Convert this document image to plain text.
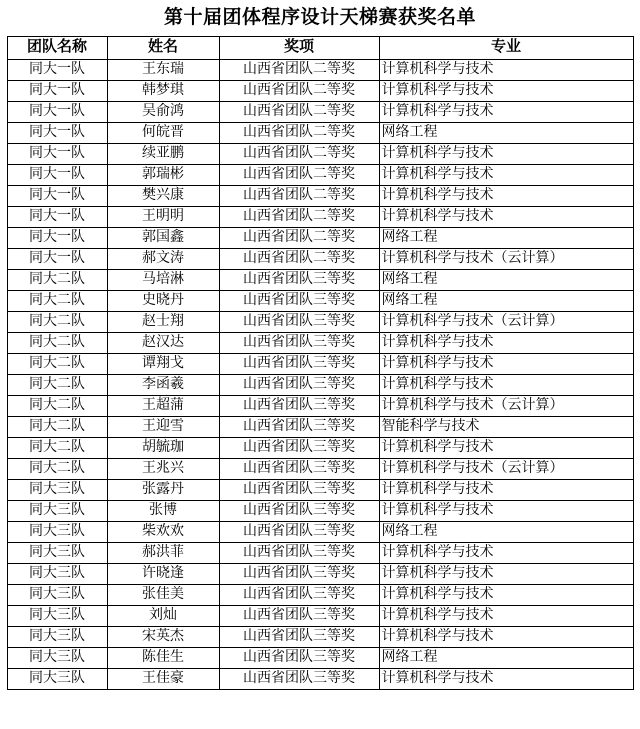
第十届团体程序设计天梯赛获奖名单
团队名称	姓名	奖项	专业
同大一队	王东瑞	山西省团队二等奖	计算机科学与技术
同大一队	韩梦琪	山西省团队二等奖	计算机科学与技术
同大一队	吴俞鸿	山西省团队二等奖	计算机科学与技术
同大一队	何皖晋	山西省团队二等奖	网络工程
同大一队	续亚鹏	山西省团队二等奖	计算机科学与技术
同大一队	郭瑞彬	山西省团队二等奖	计算机科学与技术
同大一队	樊兴康	山西省团队二等奖	计算机科学与技术
同大一队	王明明	山西省团队二等奖	计算机科学与技术
同大一队	郭国鑫	山西省团队二等奖	网络工程
同大一队	郝文涛	山西省团队二等奖	计算机科学与技术（云计算）
同大二队	马培淋	山西省团队三等奖	网络工程
同大二队	史晓丹	山西省团队三等奖	网络工程
同大二队	赵士翔	山西省团队三等奖	计算机科学与技术（云计算）
同大二队	赵汉达	山西省团队三等奖	计算机科学与技术
同大二队	谭翔戈	山西省团队三等奖	计算机科学与技术
同大二队	李函羲	山西省团队三等奖	计算机科学与技术
同大二队	王超蒲	山西省团队三等奖	计算机科学与技术（云计算）
同大二队	王迎雪	山西省团队三等奖	智能科学与技术
同大二队	胡毓珈	山西省团队三等奖	计算机科学与技术
同大二队	王兆兴	山西省团队三等奖	计算机科学与技术（云计算）
同大三队	张露丹	山西省团队三等奖	计算机科学与技术
同大三队	张博	山西省团队三等奖	计算机科学与技术
同大三队	柴欢欢	山西省团队三等奖	网络工程
同大三队	郝洪菲	山西省团队三等奖	计算机科学与技术
同大三队	许晓逢	山西省团队三等奖	计算机科学与技术
同大三队	张佳美	山西省团队三等奖	计算机科学与技术
同大三队	刘灿	山西省团队三等奖	计算机科学与技术
同大三队	宋英杰	山西省团队三等奖	计算机科学与技术
同大三队	陈佳生	山西省团队三等奖	网络工程
同大三队	王佳豪	山西省团队三等奖	计算机科学与技术
